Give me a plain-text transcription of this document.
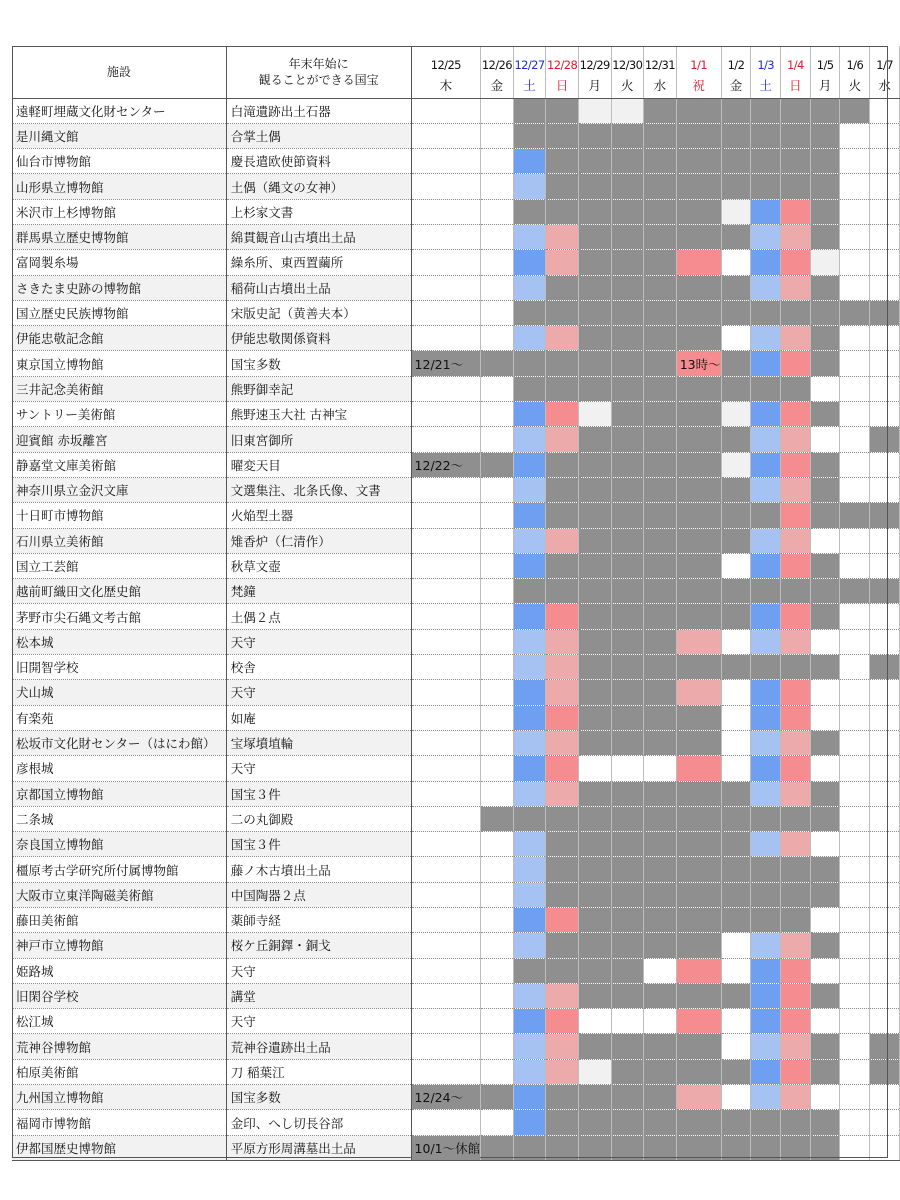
施設	年末年始に
観ることができる国宝	12/25	12/26	12/27	12/28	12/29	12/30	12/31	1/1	1/2	1/3	1/4	1/5	1/6	1/7
		木	金	土	日	月	火	水	祝	金	土	日	月	火	水
遠軽町埋蔵文化財センター	白滝遺跡出土石器														
是川縄文館	合掌土偶														
仙台市博物館	慶長遣欧使節資料														
山形県立博物館	土偶（縄文の女神）														
米沢市上杉博物館	上杉家文書														
群馬県立歴史博物館	綿貫観音山古墳出土品														
富岡製糸場	繰糸所、東西置繭所														
さきたま史跡の博物館	稲荷山古墳出土品														
国立歴史民族博物館	宋版史記（黄善夫本）														
伊能忠敬記念館	伊能忠敬関係資料														
東京国立博物館	国宝多数	12/21〜							13時〜						
三井記念美術館	熊野御幸記														
サントリー美術館	熊野速玉大社 古神宝														
迎賓館 赤坂離宮	旧東宮御所														
静嘉堂文庫美術館	曜変天目	12/22〜													
神奈川県立金沢文庫	文選集注、北条氏像、文書														
十日町市博物館	火焔型土器														
石川県立美術館	雉香炉（仁清作）														
国立工芸館	秋草文壺														
越前町織田文化歴史館	梵鐘														
茅野市尖石縄文考古館	土偶２点														
松本城	天守														
旧開智学校	校舎														
犬山城	天守														
有楽苑	如庵														
松坂市文化財センター（はにわ館）	宝塚墳埴輪														
彦根城	天守														
京都国立博物館	国宝３件														
二条城	二の丸御殿														
奈良国立博物館	国宝３件														
橿原考古学研究所付属博物館	藤ノ木古墳出土品														
大阪市立東洋陶磁美術館	中国陶器２点														
藤田美術館	薬師寺経														
神戸市立博物館	桜ケ丘銅鐸・銅戈														
姫路城	天守														
旧閑谷学校	講堂														
松江城	天守														
荒神谷博物館	荒神谷遺跡出土品														
柏原美術館	刀 稲葉江														
九州国立博物館	国宝多数	12/24〜													
福岡市博物館	金印、へし切長谷部														
伊都国歴史博物館	平原方形周溝墓出土品	10/1〜休館													
